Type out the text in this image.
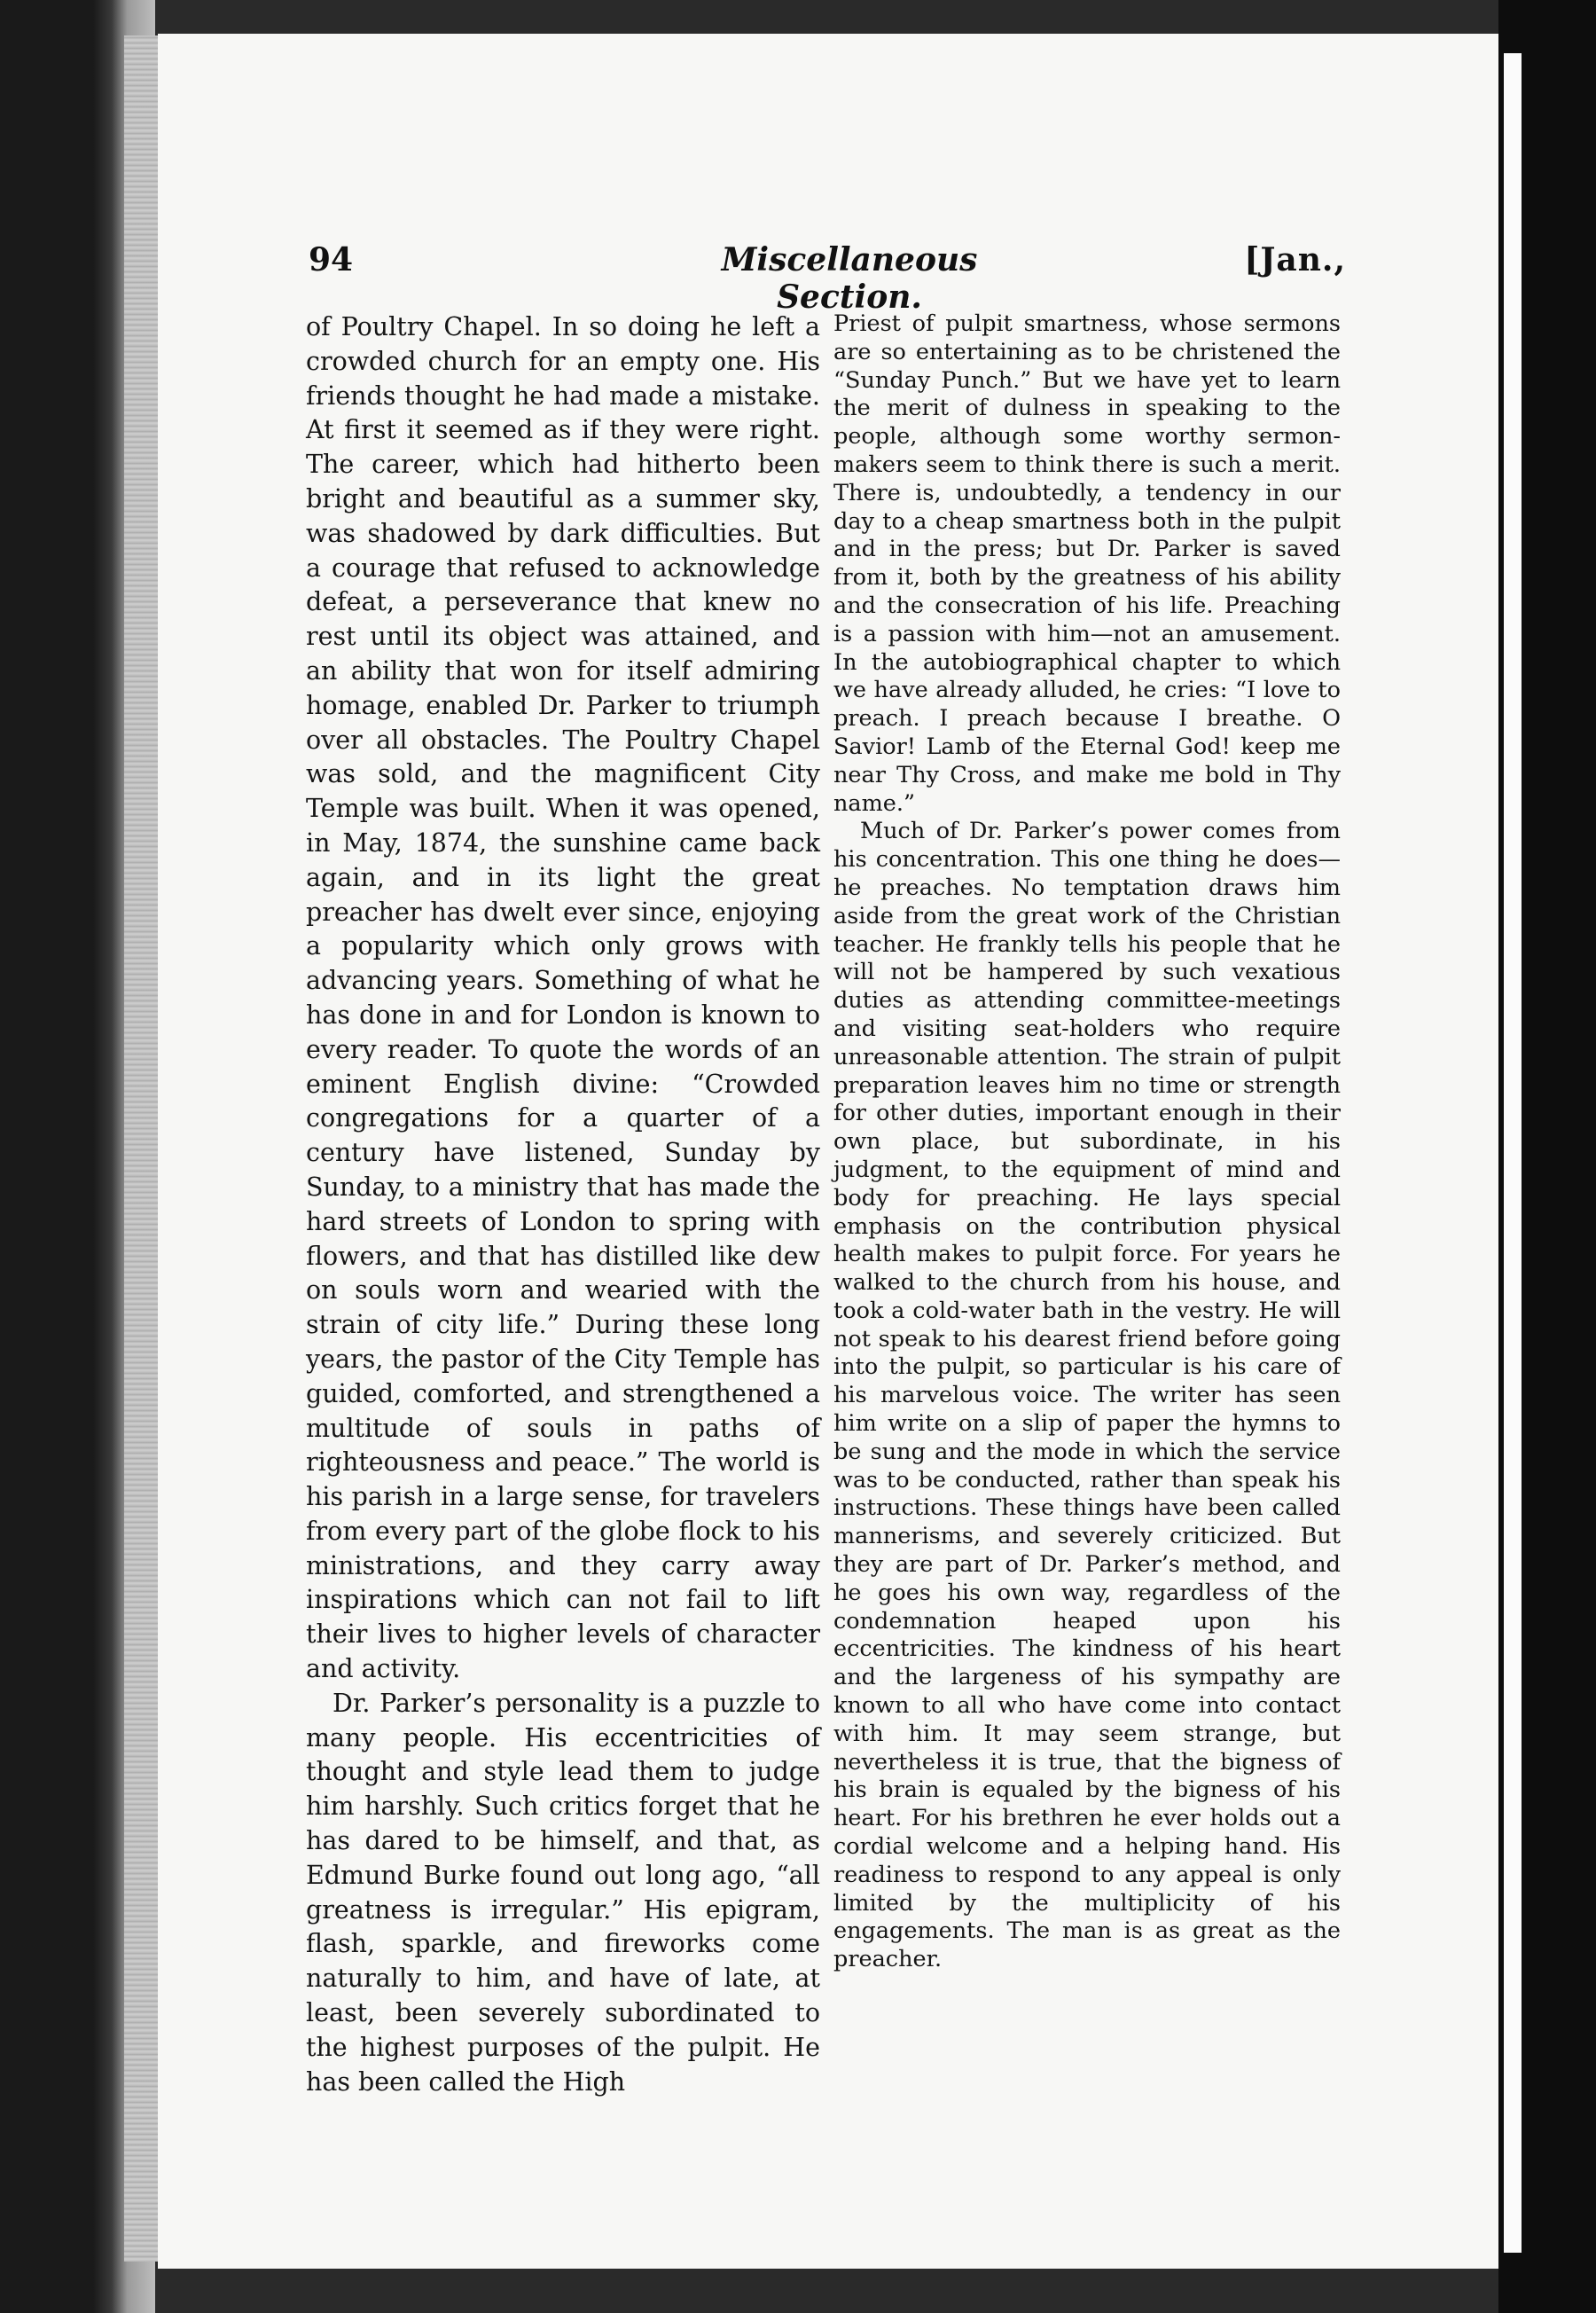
94	Miscellaneous Section.
[Jan.,

of Poultry Chapel. In so doing he left a crowded church for an empty one. His friends thought he had made a mistake. At first it seemed as if they were right. The career, which had hitherto been bright and beautiful as a summer sky, was shadowed by dark difficulties. But a courage that refused to acknowledge defeat, a perseverance that knew no rest until its object was attained, and an ability that won for itself admiring homage, enabled Dr. Parker to triumph over all obstacles. The Poultry Chapel was sold, and the magnificent City Temple was built. When it was opened, in May, 1874, the sunshine came back again, and in its light the great preacher has dwelt ever since, enjoying a popularity which only grows with advancing years. Something of what he has done in and for London is known to every reader. To quote the words of an eminent English divine: “Crowded congregations for a quarter of a century have listened, Sunday by Sunday, to a ministry that has made the hard streets of London to spring with flowers, and that has distilled like dew on souls worn and wearied with the strain of city life.” During these long years, the pastor of the City Temple has guided, comforted, and strengthened a multitude of souls in paths of righteousness and peace.” The world is his parish in a large sense, for travelers from every part of the globe flock to his ministrations, and they carry away inspirations which can not fail to lift their lives to higher levels of character and activity.

Dr. Parker’s personality is a puzzle to many people. His eccentricities of thought and style lead them to judge him harshly. Such critics forget that he has dared to be himself, and that, as Edmund Burke found out long ago, “all greatness is irregular.” His epigram, flash, sparkle, and fireworks come naturally to him, and have of late, at least, been severely subordinated to the highest purposes of the pulpit. He has been called the High

Priest of pulpit smartness, whose sermons are so entertaining as to be christened the “Sunday Punch.” But we have yet to learn the merit of dulness in speaking to the people, although some worthy sermon-makers seem to think there is such a merit. There is, undoubtedly, a tendency in our day to a cheap smartness both in the pulpit and in the press; but Dr. Parker is saved from it, both by the greatness of his ability and the consecration of his life. Preaching is a passion with him—not an amusement. In the autobiographical chapter to which we have already alluded, he cries: “I love to preach. I preach because I breathe. O Savior! Lamb of the Eternal God! keep me near Thy Cross, and make me bold in Thy name.”

Much of Dr. Parker’s power comes from his concentration. This one thing he does—he preaches. No temptation draws him aside from the great work of the Christian teacher. He frankly tells his people that he will not be hampered by such vexatious duties as attending committee-meetings and visiting seat-holders who require unreasonable attention. The strain of pulpit preparation leaves him no time or strength for other duties, important enough in their own place, but subordinate, in his judgment, to the equipment of mind and body for preaching. He lays special emphasis on the contribution physical health makes to pulpit force. For years he walked to the church from his house, and took a cold-water bath in the vestry. He will not speak to his dearest friend before going into the pulpit, so particular is his care of his marvelous voice. The writer has seen him write on a slip of paper the hymns to be sung and the mode in which the service was to be conducted, rather than speak his instructions. These things have been called mannerisms, and severely criticized. But they are part of Dr. Parker’s method, and he goes his own way, regardless of the condemnation heaped upon his eccentricities. The kindness of his heart and the largeness of his sympathy are known to all who have come into contact with him. It may seem strange, but nevertheless it is true, that the bigness of his brain is equaled by the bigness of his heart. For his brethren he ever holds out a cordial welcome and a helping hand. His readiness to respond to any appeal is only limited by the multiplicity of his engagements. The man is as great as the preacher.
